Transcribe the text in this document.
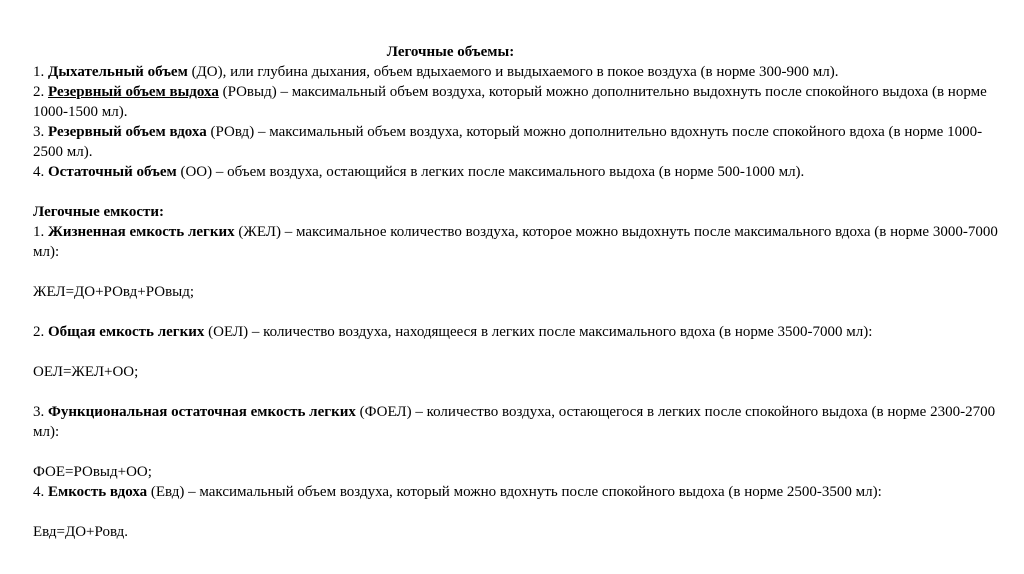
Легочные объемы:

1. Дыхательный объем (ДО), или глубина дыхания, объем вдыхаемого и выдыхаемого в покое воздуха (в норме 300-900 мл).

2. Резервный объем выдоха (РОвыд) – максимальный объем воздуха, который можно дополнительно выдохнуть после спокойного выдоха (в норме 1000-1500 мл).

3. Резервный объем вдоха (РОвд) – максимальный объем воздуха, который можно дополнительно вдохнуть после спокойного вдоха (в норме 1000-2500 мл).

4. Остаточный объем (ОО) – объем воздуха, остающийся в легких после максимального выдоха (в норме 500-1000 мл).

Легочные емкости:

1. Жизненная емкость легких (ЖЕЛ) – максимальное количество воздуха, которое можно выдохнуть после максимального вдоха (в норме 3000-7000 мл):

ЖЕЛ=ДО+РОвд+РОвыд;

2. Общая емкость легких (ОЕЛ) – количество воздуха, находящееся в легких после максимального вдоха (в норме 3500-7000 мл):

ОЕЛ=ЖЕЛ+ОО;

3. Функциональная остаточная емкость легких (ФОЕЛ) – количество воздуха, остающегося в легких после спокойного выдоха (в норме 2300-2700 мл):

ФОЕ=РОвыд+ОО;

4. Емкость вдоха (Евд) – максимальный объем воздуха, который можно вдохнуть после спокойного выдоха (в норме 2500-3500 мл):

Евд=ДО+Ровд.
